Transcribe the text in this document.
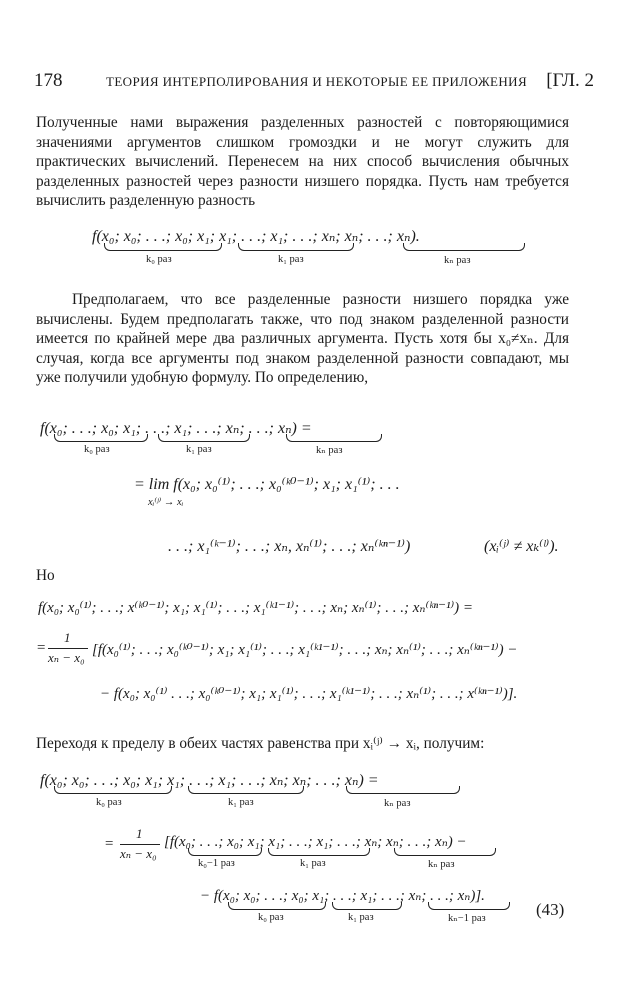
178	ТЕОРИЯ ИНТЕРПОЛИРОВАНИЯ И НЕКОТОРЫЕ ЕЕ ПРИЛОЖЕНИЯ [ГЛ. 2
Полученные нами выражения разделенных разностей с повторяющимися значениями аргументов слишком громоздки и не могут служить для практических вычислений. Перенесем на них способ вычисления обычных разделенных разностей через разности низшего порядка. Пусть нам требуется вычислить разделенную разность
f(x₀; x₀; . . .; x₀; x₁; x₁; . . .; x₁; . . .; xₙ; xₙ; . . .; xₙ).
k₀ раз	k₁ раз	kₙ раз
Предполагаем, что все разделенные разности низшего порядка уже вычислены. Будем предполагать также, что под знаком разделенной разности имеется по крайней мере два различных аргумента. Пусть хотя бы x₀≠xₙ. Для случая, когда все аргументы под знаком разделенной разности совпадают, мы уже получили удобную формулу. По определению,
f(x₀; . . .; x₀; x₁; . . .; x₁; . . .; xₙ; . . .; xₙ) =
k₀ раз	k₁ раз	kₙ раз
= lim f(x₀; x₀⁽¹⁾; . . .; x₀⁽ᵏ⁰⁻¹⁾; x₁; x₁⁽¹⁾; . . .
xᵢ⁽ʲ⁾ → xᵢ
. . .; x₁⁽ᵏ⁻¹⁾; . . .; xₙ, xₙ⁽¹⁾; . . .; xₙ⁽ᵏⁿ⁻¹⁾)	(xᵢ⁽ʲ⁾ ≠ xₖ⁽ˡ⁾).
Но
f(x₀; x₀⁽¹⁾; . . .; x⁽ᵏ⁰⁻¹⁾; x₁; x₁⁽¹⁾; . . .; x₁⁽ᵏ¹⁻¹⁾; . . .; xₙ; xₙ⁽¹⁾; . . .; xₙ⁽ᵏⁿ⁻¹⁾) =
=
1
xₙ − x₀ [f(x₀⁽¹⁾; . . .; x₀⁽ᵏ⁰⁻¹⁾; x₁; x₁⁽¹⁾; . . .; x₁⁽ᵏ¹⁻¹⁾; . . .; xₙ; xₙ⁽¹⁾; . . .; xₙ⁽ᵏⁿ⁻¹⁾) −
− f(x₀; x₀⁽¹⁾ . . .; x₀⁽ᵏ⁰⁻¹⁾; x₁; x₁⁽¹⁾; . . .; x₁⁽ᵏ¹⁻¹⁾; . . .; xₙ⁽¹⁾; . . .; x⁽ᵏⁿ⁻¹⁾)].
Переходя к пределу в обеих частях равенства при xᵢ⁽ʲ⁾ → xᵢ, получим:
f(x₀; x₀; . . .; x₀; x₁; x₁; . . .; x₁; . . .; xₙ; xₙ; . . .; xₙ) =
k₀ раз	k₁ раз	kₙ раз
=
1
xₙ − x₀
[f(x₀; . . .; x₀; x₁; x₁; . . .; x₁; . . .; xₙ; xₙ; . . .; xₙ) −
k₀−1 раз	k₁ раз	kₙ раз
− f(x₀; x₀; . . .; x₀; x₁; . . .; x₁; . . .; xₙ; . . .; xₙ)].
k₀ раз	k₁ раз	kₙ−1 раз	(43)
